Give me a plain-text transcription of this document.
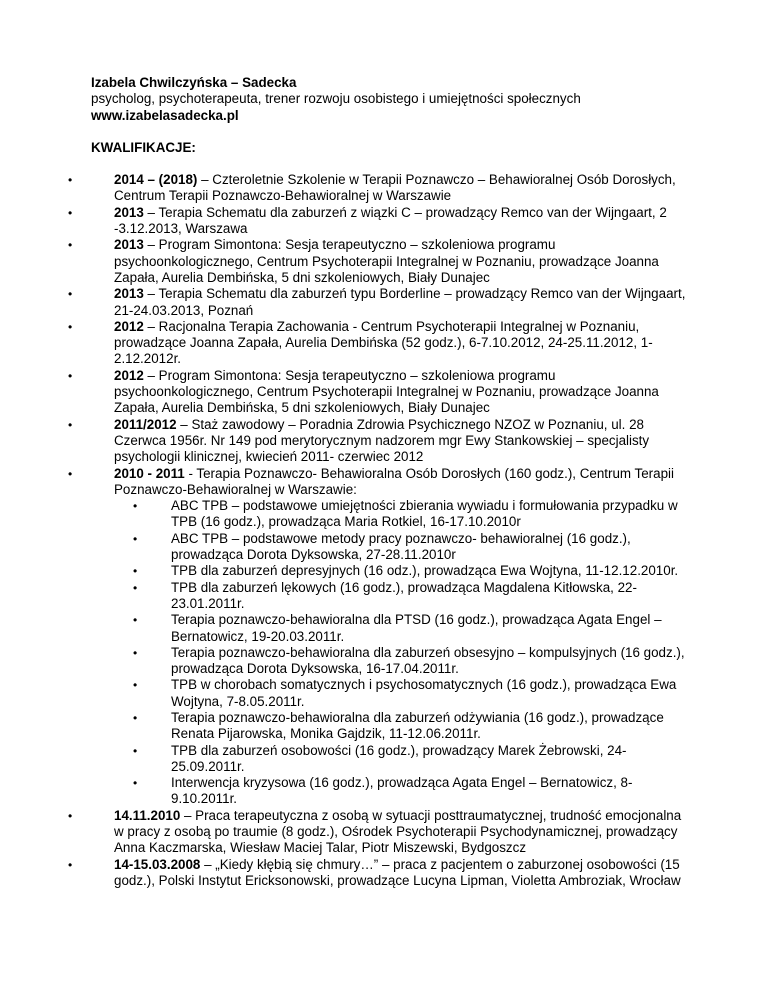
Izabela Chwilczyńska – Sadecka
psycholog, psychoterapeuta, trener rozwoju osobistego i umiejętności społecznych
www.izabelasadecka.pl
KWALIFIKACJE:
• 2014 – (2018) – Czteroletnie Szkolenie w Terapii Poznawczo – Behawioralnej Osób Dorosłych, Centrum Terapii Poznawczo-Behawioralnej w Warszawie
• 2013 – Terapia Schematu dla zaburzeń z wiązki C – prowadzący Remco van der Wijngaart, 2 -3.12.2013, Warszawa
• 2013 – Program Simontona: Sesja terapeutyczno – szkoleniowa programu psychoonkologicznego, Centrum Psychoterapii Integralnej w Poznaniu, prowadzące Joanna Zapała, Aurelia Dembińska, 5 dni szkoleniowych, Biały Dunajec
• 2013 – Terapia Schematu dla zaburzeń typu Borderline – prowadzący Remco van der Wijngaart, 21-24.03.2013, Poznań
• 2012 – Racjonalna Terapia Zachowania - Centrum Psychoterapii Integralnej w Poznaniu, prowadzące Joanna Zapała, Aurelia Dembińska (52 godz.), 6-7.10.2012, 24-25.11.2012, 1-2.12.2012r.
• 2012 – Program Simontona: Sesja terapeutyczno – szkoleniowa programu psychoonkologicznego, Centrum Psychoterapii Integralnej w Poznaniu, prowadzące Joanna Zapała, Aurelia Dembińska, 5 dni szkoleniowych, Biały Dunajec
• 2011/2012 – Staż zawodowy – Poradnia Zdrowia Psychicznego NZOZ w Poznaniu, ul. 28 Czerwca 1956r. Nr 149 pod merytorycznym nadzorem mgr Ewy Stankowskiej – specjalisty psychologii klinicznej, kwiecień 2011- czerwiec 2012
• 2010 - 2011 - Terapia Poznawczo- Behawioralna Osób Dorosłych (160 godz.), Centrum Terapii Poznawczo-Behawioralnej w Warszawie:
• ABC TPB – podstawowe umiejętności zbierania wywiadu i formułowania przypadku w TPB (16 godz.), prowadząca Maria Rotkiel, 16-17.10.2010r
• ABC TPB – podstawowe metody pracy poznawczo- behawioralnej (16 godz.), prowadząca Dorota Dyksowska, 27-28.11.2010r
• TPB dla zaburzeń depresyjnych (16 odz.), prowadząca Ewa Wojtyna, 11-12.12.2010r.
• TPB dla zaburzeń lękowych (16 godz.), prowadząca Magdalena Kitłowska, 22-23.01.2011r.
• Terapia poznawczo-behawioralna dla PTSD (16 godz.), prowadząca Agata Engel – Bernatowicz, 19-20.03.2011r.
• Terapia poznawczo-behawioralna dla zaburzeń obsesyjno – kompulsyjnych (16 godz.), prowadząca Dorota Dyksowska, 16-17.04.2011r.
• TPB w chorobach somatycznych i psychosomatycznych (16 godz.), prowadząca Ewa Wojtyna, 7-8.05.2011r.
• Terapia poznawczo-behawioralna dla zaburzeń odżywiania (16 godz.), prowadzące Renata Pijarowska, Monika Gajdzik, 11-12.06.2011r.
• TPB dla zaburzeń osobowości (16 godz.), prowadzący Marek Żebrowski, 24-25.09.2011r.
• Interwencja kryzysowa (16 godz.), prowadząca Agata Engel – Bernatowicz, 8-9.10.2011r.
• 14.11.2010 – Praca terapeutyczna z osobą w sytuacji posttraumatycznej, trudność emocjonalna w pracy z osobą po traumie (8 godz.), Ośrodek Psychoterapii Psychodynamicznej, prowadzący Anna Kaczmarska, Wiesław Maciej Talar, Piotr Miszewski, Bydgoszcz
• 14-15.03.2008 – „Kiedy kłębią się chmury…” – praca z pacjentem o zaburzonej osobowości (15 godz.), Polski Instytut Ericksonowski, prowadzące Lucyna Lipman, Violetta Ambroziak, Wrocław
